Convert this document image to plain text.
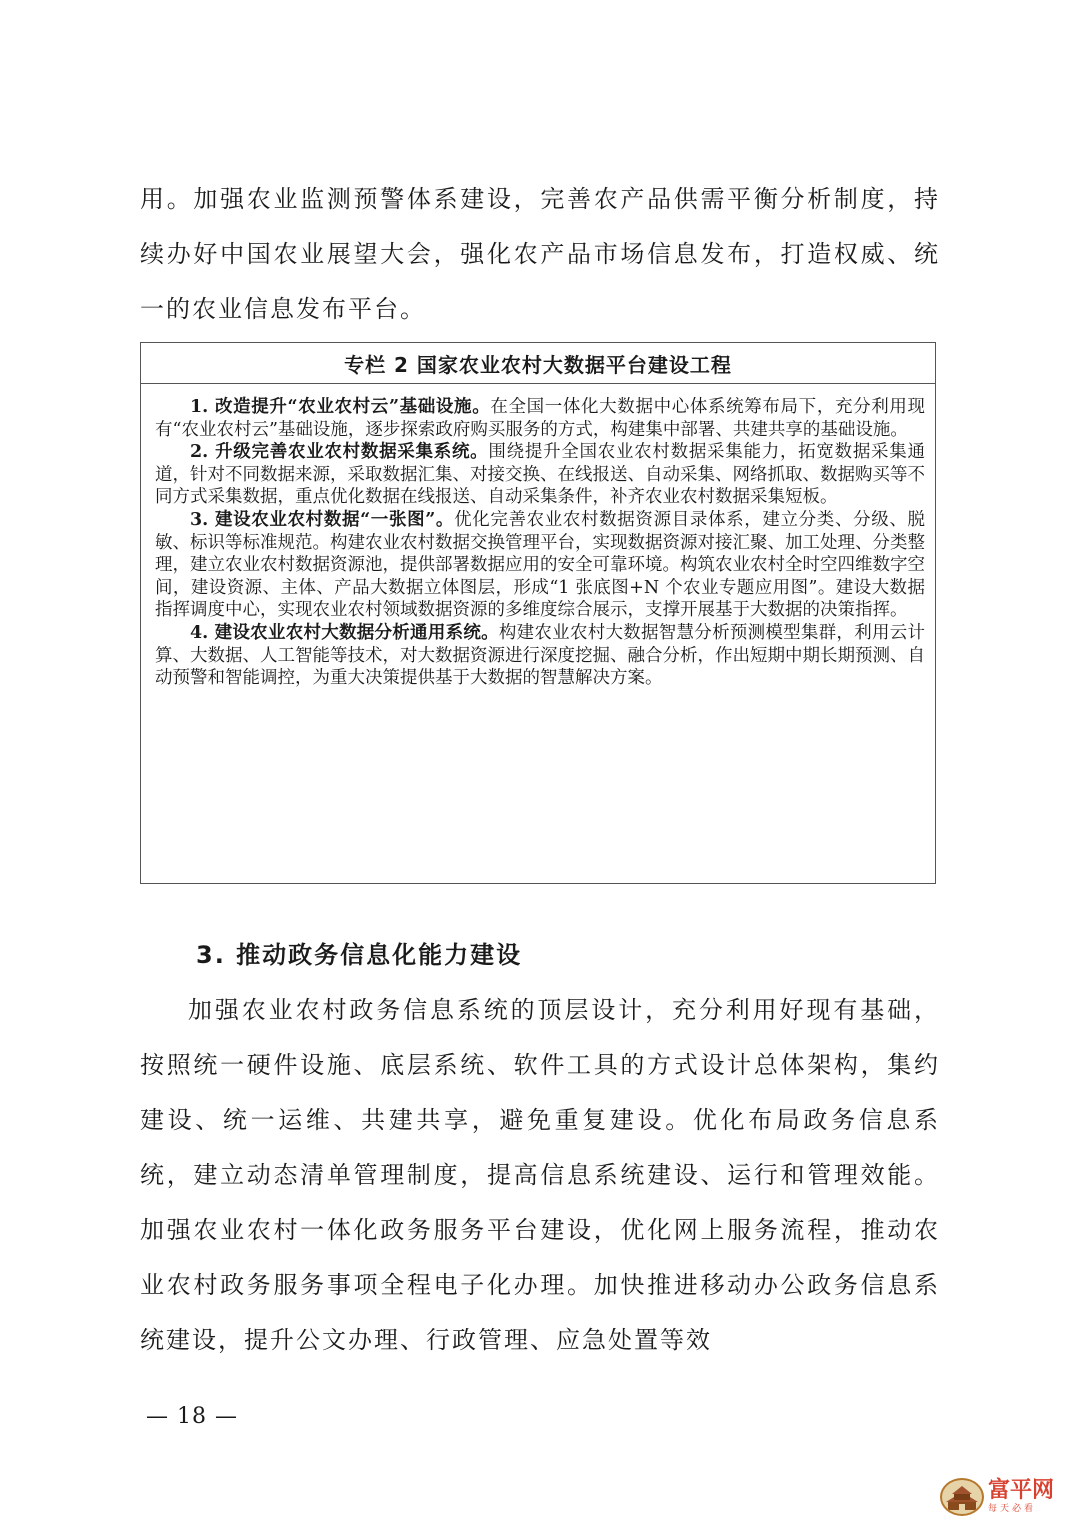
用。加强农业监测预警体系建设，完善农产品供需平衡分析制度，持续办好中国农业展望大会，强化农产品市场信息发布，打造权威、统一的农业信息发布平台。

专栏 2 国家农业农村大数据平台建设工程

1. 改造提升“农业农村云”基础设施。在全国一体化大数据中心体系统筹布局下，充分利用现有“农业农村云”基础设施，逐步探索政府购买服务的方式，构建集中部署、共建共享的基础设施。

2. 升级完善农业农村数据采集系统。围绕提升全国农业农村数据采集能力，拓宽数据采集通道，针对不同数据来源，采取数据汇集、对接交换、在线报送、自动采集、网络抓取、数据购买等不同方式采集数据，重点优化数据在线报送、自动采集条件，补齐农业农村数据采集短板。

3. 建设农业农村数据“一张图”。优化完善农业农村数据资源目录体系，建立分类、分级、脱敏、标识等标准规范。构建农业农村数据交换管理平台，实现数据资源对接汇聚、加工处理、分类整理，建立农业农村数据资源池，提供部署数据应用的安全可靠环境。构筑农业农村全时空四维数字空间，建设资源、主体、产品大数据立体图层，形成“1 张底图+N 个农业专题应用图”。建设大数据指挥调度中心，实现农业农村领域数据资源的多维度综合展示，支撑开展基于大数据的决策指挥。

4. 建设农业农村大数据分析通用系统。构建农业农村大数据智慧分析预测模型集群，利用云计算、大数据、人工智能等技术，对大数据资源进行深度挖掘、融合分析，作出短期中期长期预测、自动预警和智能调控，为重大决策提供基于大数据的智慧解决方案。

3. 推动政务信息化能力建设

加强农业农村政务信息系统的顶层设计，充分利用好现有基础，按照统一硬件设施、底层系统、软件工具的方式设计总体架构，集约建设、统一运维、共建共享，避免重复建设。优化布局政务信息系统，建立动态清单管理制度，提高信息系统建设、运行和管理效能。加强农业农村一体化政务服务平台建设，优化网上服务流程，推动农业农村政务服务事项全程电子化办理。加快推进移动办公政务信息系统建设，提升公文办理、行政管理、应急处置等效

— 18 —
富平网
每天必看
